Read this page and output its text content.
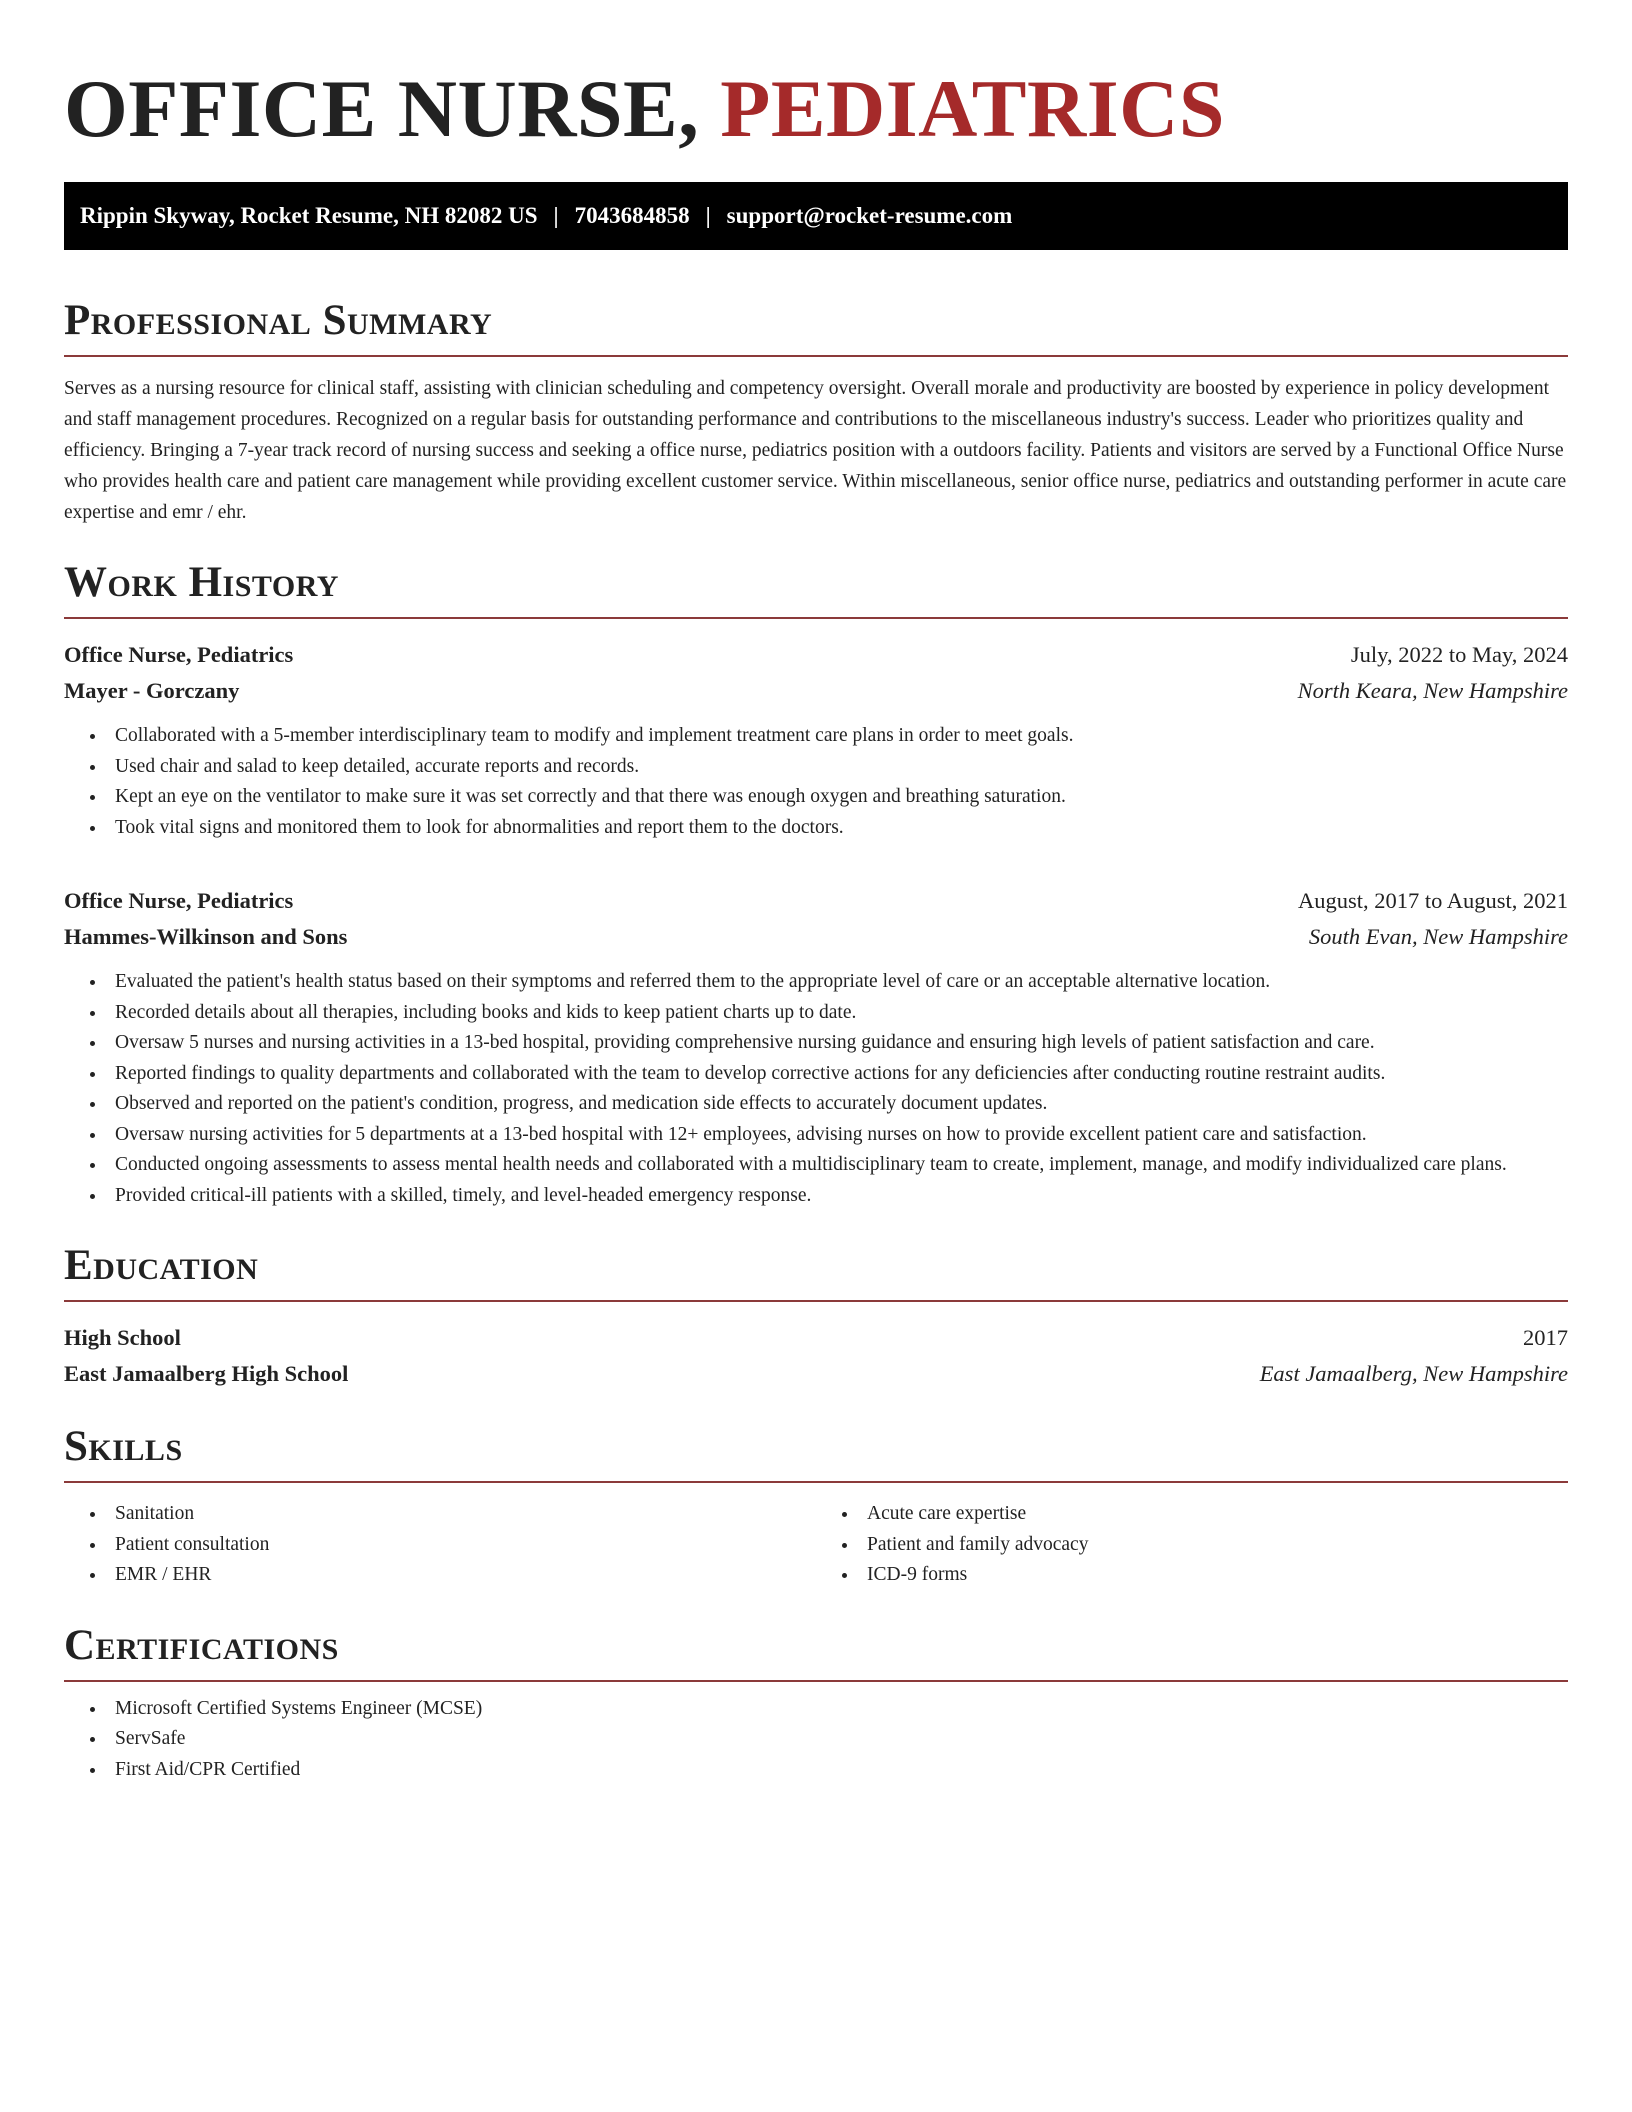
OFFICE NURSE, PEDIATRICS
Rippin Skyway, Rocket Resume, NH 82082 US | 7043684858 | support@rocket-resume.com
Professional Summary

Serves as a nursing resource for clinical staff, assisting with clinician scheduling and competency oversight. Overall morale and productivity are boosted by experience in policy development and staff management procedures. Recognized on a regular basis for outstanding performance and contributions to the miscellaneous industry's success. Leader who prioritizes quality and efficiency. Bringing a 7-year track record of nursing success and seeking a office nurse, pediatrics position with a outdoors facility. Patients and visitors are served by a Functional Office Nurse who provides health care and patient care management while providing excellent customer service. Within miscellaneous, senior office nurse, pediatrics and outstanding performer in acute care expertise and emr / ehr.

Work History
Office Nurse, Pediatrics	July, 2022 to May, 2024
Mayer - Gorczany	North Keara, New Hampshire
• Collaborated with a 5-member interdisciplinary team to modify and implement treatment care plans in order to meet goals.
• Used chair and salad to keep detailed, accurate reports and records.
• Kept an eye on the ventilator to make sure it was set correctly and that there was enough oxygen and breathing saturation.
• Took vital signs and monitored them to look for abnormalities and report them to the doctors.
Office Nurse, Pediatrics	August, 2017 to August, 2021
Hammes-Wilkinson and Sons	South Evan, New Hampshire
• Evaluated the patient's health status based on their symptoms and referred them to the appropriate level of care or an acceptable alternative location.
• Recorded details about all therapies, including books and kids to keep patient charts up to date.
• Oversaw 5 nurses and nursing activities in a 13-bed hospital, providing comprehensive nursing guidance and ensuring high levels of patient satisfaction and care.
• Reported findings to quality departments and collaborated with the team to develop corrective actions for any deficiencies after conducting routine restraint audits.
• Observed and reported on the patient's condition, progress, and medication side effects to accurately document updates.
• Oversaw nursing activities for 5 departments at a 13-bed hospital with 12+ employees, advising nurses on how to provide excellent patient care and satisfaction.
• Conducted ongoing assessments to assess mental health needs and collaborated with a multidisciplinary team to create, implement, manage, and modify individualized care plans.
• Provided critical-ill patients with a skilled, timely, and level-headed emergency response.
Education
High School	2017
East Jamaalberg High School	East Jamaalberg, New Hampshire
Skills
• Sanitation
• Patient consultation
• EMR / EHR
• Acute care expertise
• Patient and family advocacy
• ICD-9 forms
Certifications
• Microsoft Certified Systems Engineer (MCSE)
• ServSafe
• First Aid/CPR Certified
